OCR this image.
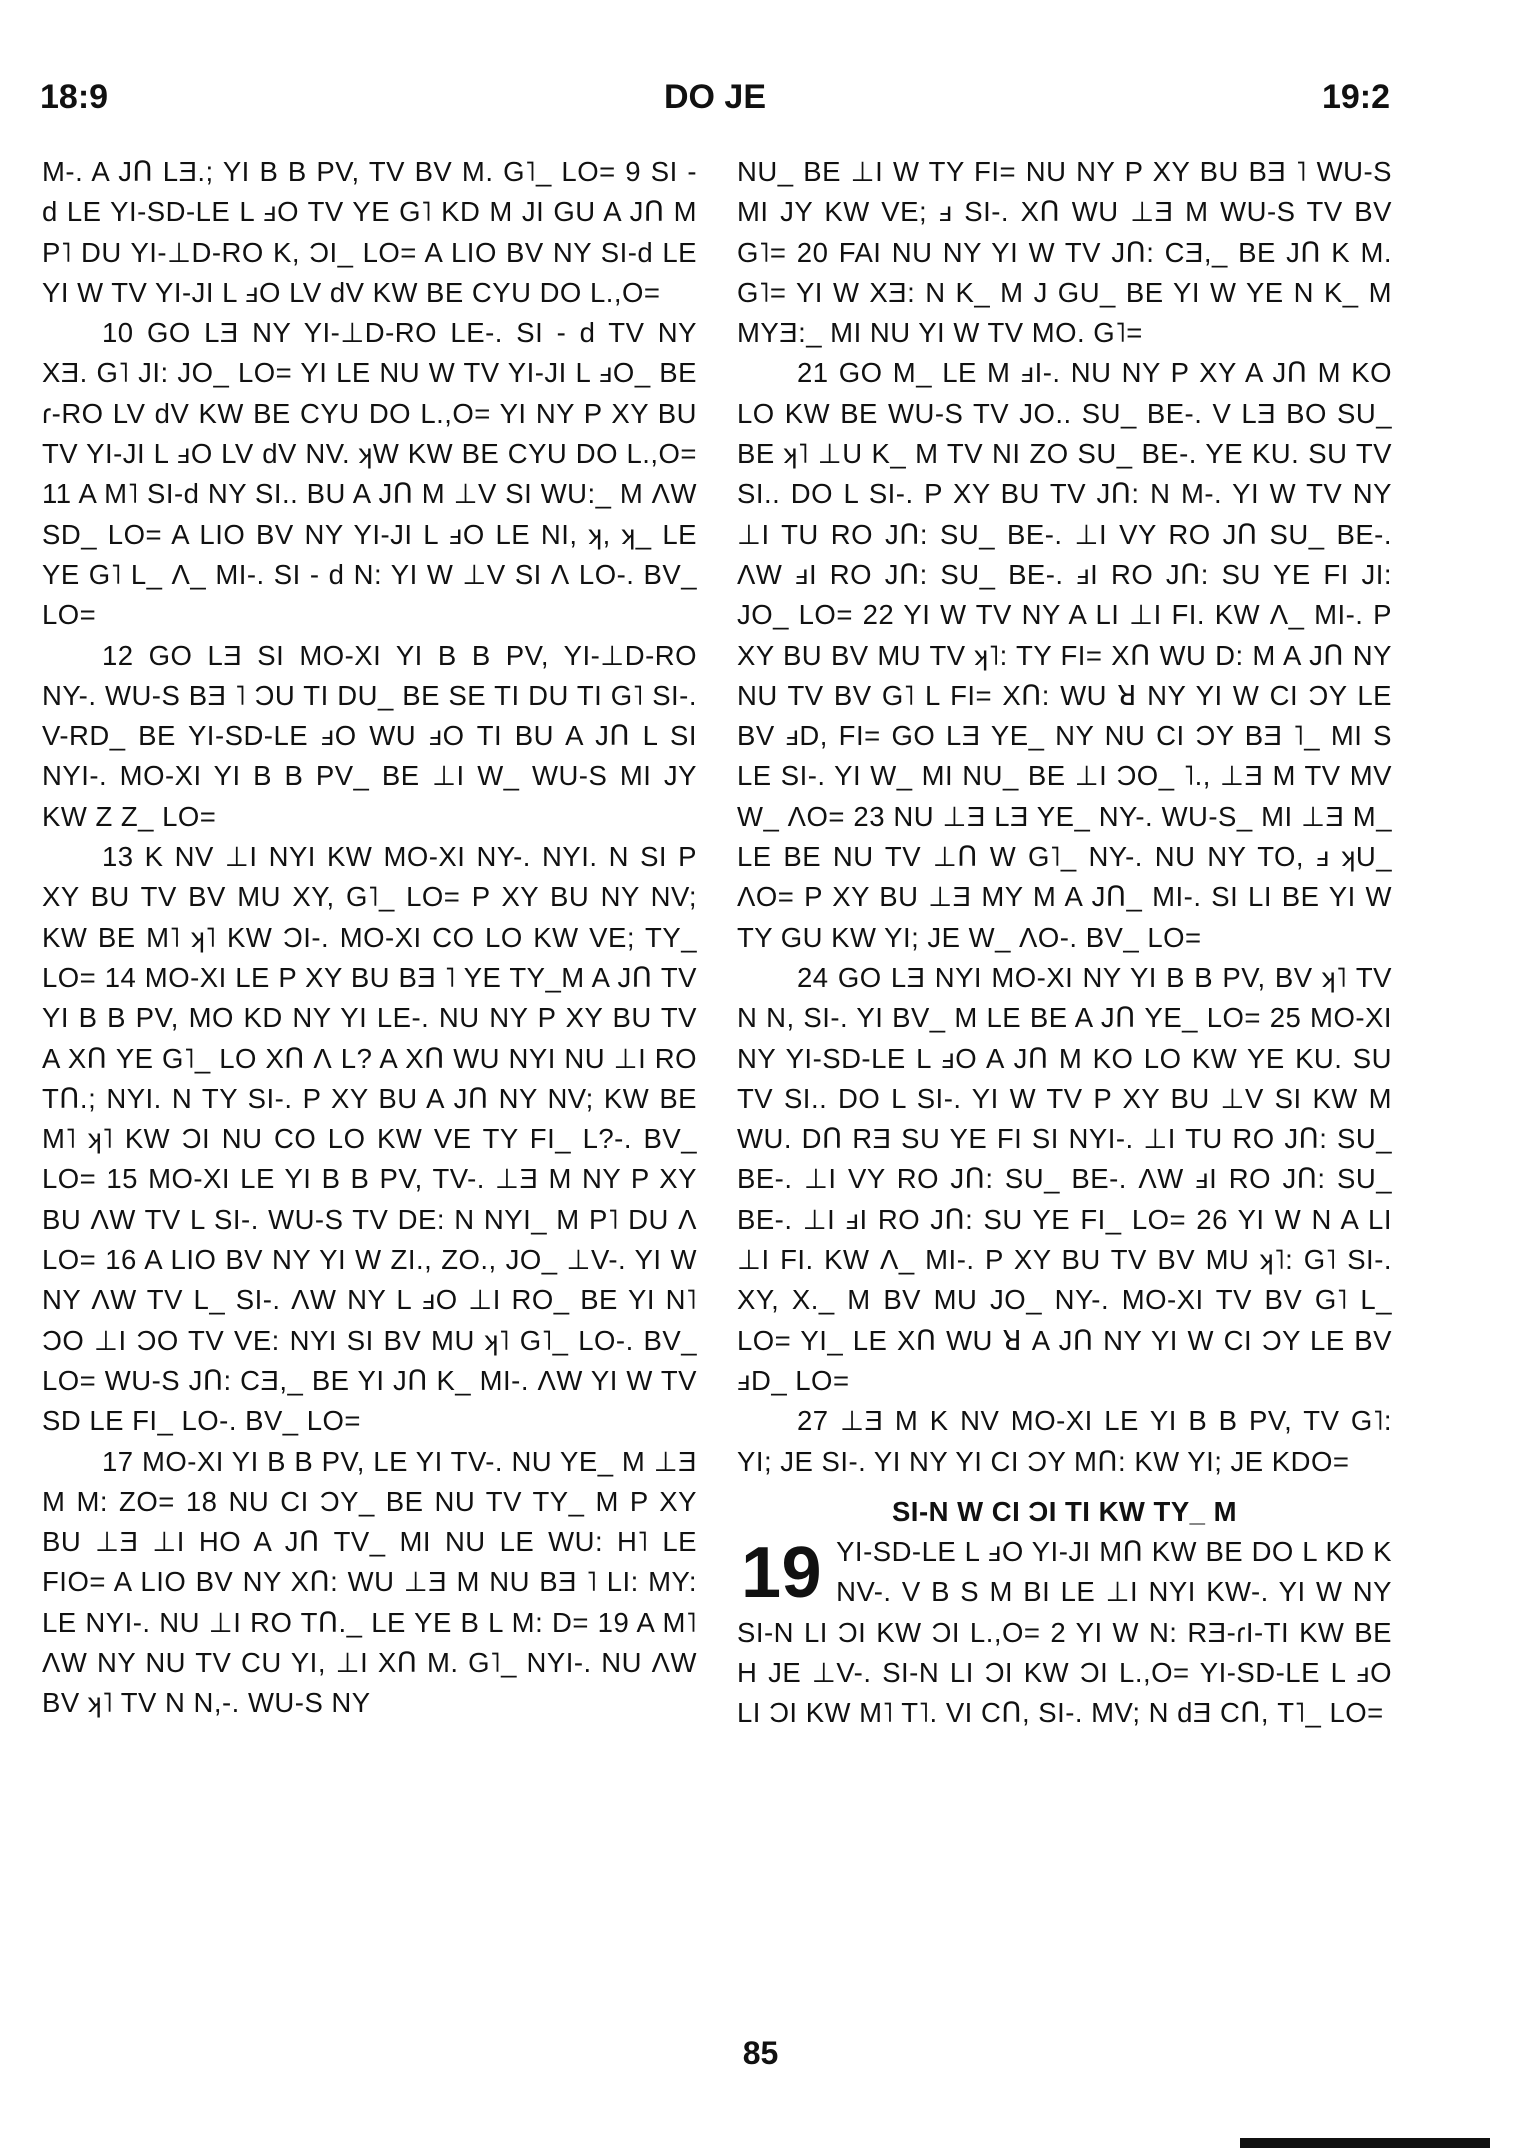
18:9	DO JE	19:2

M-. A JՈ LƎ.; YI B B PV, TV BV M. G˥_ LO= 9 SI - d LE YI-SD-LE L ⅎO TV YE G˥ KD M JI GU A JՈ M P˥ DU YI-⊥D-RO K, ƆI_ LO= A LIO BV NY SI-d LE YI W TV YI-JI L ⅎO LV dV KW BE CYU DO L.,O=

10 GO LƎ NY YI-⊥D-RO LE-. SI - d TV NY XƎ. G˥ JI: JO_ LO= YI LE NU W TV YI-JI L ⅎO_ BE ɾ-RO LV dV KW BE CYU DO L.,O= YI NY P XY BU TV YI-JI L ⅎO LV dV NV. ʞW KW BE CYU DO L.,O= 11 A M˥ SI-d NY SI.. BU A JՈ M ⊥V SI WU:_ M ɅW SD_ LO= A LIO BV NY YI-JI L ⅎO LE NI, ʞ, ʞ_ LE YE G˥ L_ Ʌ_ MI-. SI - d N: YI W ⊥V SI Ʌ LO-. BV_ LO=

12 GO LƎ SI MO-XI YI B B PV, YI-⊥D-RO NY-. WU-S BƎ ˥ ƆU TI DU_ BE SE TI DU TI G˥ SI-. V-RD_ BE YI-SD-LE ⅎO WU ⅎO TI BU A JՈ L SI NYI-. MO-XI YI B B PV_ BE ⊥I W_ WU-S MI JY KW Z Z_ LO=

13 K NV ⊥I NYI KW MO-XI NY-. NYI. N SI P XY BU TV BV MU XY, G˥_ LO= P XY BU NY NV; KW BE M˥ ʞ˥ KW ƆI-. MO-XI CO LO KW VE; TY_ LO= 14 MO-XI LE P XY BU BƎ ˥ YE TY_M A JՈ TV YI B B PV, MO KD NY YI LE-. NU NY P XY BU TV A XՈ YE G˥_ LO XՈ Ʌ L? A XՈ WU NYI NU ⊥I RO TՈ.; NYI. N TY SI-. P XY BU A JՈ NY NV; KW BE M˥ ʞ˥ KW ƆI NU CO LO KW VE TY FI_ L?-. BV_ LO= 15 MO-XI LE YI B B PV, TV-. ⊥Ǝ M NY P XY BU ɅW TV L SI-. WU-S TV DE: N NYI_ M P˥ DU Ʌ LO= 16 A LIO BV NY YI W ZI., ZO., JO_ ⊥V-. YI W NY ɅW TV L_ SI-. ɅW NY L ⅎO ⊥I RO_ BE YI N˥ ƆO ⊥I ƆO TV VE: NYI SI BV MU ʞ˥ G˥_ LO-. BV_ LO= WU-S JՈ: CƎ,_ BE YI JՈ K_ MI-. ɅW YI W TV SD LE FI_ LO-. BV_ LO=

17 MO-XI YI B B PV, LE YI TV-. NU YE_ M ⊥Ǝ M M: ZO= 18 NU CI ƆY_ BE NU TV TY_ M P XY BU ⊥Ǝ ⊥I HO A JՈ TV_ MI NU LE WU: H˥ LE FIO= A LIO BV NY XՈ: WU ⊥Ǝ M NU BƎ ˥ LI: MY: LE NYI-. NU ⊥I RO TՈ._ LE YE B L M: D= 19 A M˥ ɅW NY NU TV CU YI, ⊥I XՈ M. G˥_ NYI-. NU ɅW BV ʞ˥ TV N N,-. WU-S NY

NU_ BE ⊥I W TY FI= NU NY P XY BU BƎ ˥ WU-S MI JY KW VE; ⅎ SI-. XՈ WU ⊥Ǝ M WU-S TV BV G˥= 20 FAI NU NY YI W TV JՈ: CƎ,_ BE JՈ K M. G˥= YI W XƎ: N K_ M J GU_ BE YI W YE N K_ M MYƎ:_ MI NU YI W TV MO. G˥=

21 GO M_ LE M ⅎI-. NU NY P XY A JՈ M KO LO KW BE WU-S TV JO.. SU_ BE-. V LƎ BO SU_ BE ʞ˥ ⊥U K_ M TV NI ZO SU_ BE-. YE KU. SU TV SI.. DO L SI-. P XY BU TV JՈ: N M-. YI W TV NY ⊥I TU RO JՈ: SU_ BE-. ⊥I VY RO JՈ SU_ BE-. ɅW ⅎI RO JՈ: SU_ BE-. ⅎI RO JՈ: SU YE FI JI: JO_ LO= 22 YI W TV NY A LI ⊥I FI. KW Ʌ_ MI-. P XY BU BV MU TV ʞ˥: TY FI= XՈ WU D: M A JՈ NY NU TV BV G˥ L FI= XՈ: WU ꓤ NY YI W CI ƆY LE BV ⅎD, FI= GO LƎ YE_ NY NU CI ƆY BƎ ˥_ MI S LE SI-. YI W_ MI NU_ BE ⊥I ƆO_ ˥., ⊥Ǝ M TV MV W_ ɅO= 23 NU ⊥Ǝ LƎ YE_ NY-. WU-S_ MI ⊥Ǝ M_ LE BE NU TV ⊥Ո W G˥_ NY-. NU NY TO, ⅎ ʞU_ ɅO= P XY BU ⊥Ǝ MY M A JՈ_ MI-. SI LI BE YI W TY GU KW YI; JE W_ ɅO-. BV_ LO=

24 GO LƎ NYI MO-XI NY YI B B PV, BV ʞ˥ TV N N, SI-. YI BV_ M LE BE A JՈ YE_ LO= 25 MO-XI NY YI-SD-LE L ⅎO A JՈ M KO LO KW YE KU. SU TV SI.. DO L SI-. YI W TV P XY BU ⊥V SI KW M WU. DՈ RƎ SU YE FI SI NYI-. ⊥I TU RO JՈ: SU_ BE-. ⊥I VY RO JՈ: SU_ BE-. ɅW ⅎI RO JՈ: SU_ BE-. ⊥I ⅎI RO JՈ: SU YE FI_ LO= 26 YI W N A LI ⊥I FI. KW Ʌ_ MI-. P XY BU TV BV MU ʞ˥: G˥ SI-. XY, X._ M BV MU JO_ NY-. MO-XI TV BV G˥ L_ LO= YI_ LE XՈ WU ꓤ A JՈ NY YI W CI ƆY LE BV ⅎD_ LO=

27 ⊥Ǝ M K NV MO-XI LE YI B B PV, TV G˥: YI; JE SI-. YI NY YI CI ƆY MՈ: KW YI; JE KDO=

SI-N W CI ƆI TI KW TY_ M

19 YI-SD-LE L ⅎO YI-JI MՈ KW BE DO L KD K NV-. V B S M BI LE ⊥I NYI KW-. YI W NY SI-N LI ƆI KW ƆI L.,O= 2 YI W N: RƎ-ɾI-TI KW BE H JE ⊥V-. SI-N LI ƆI KW ƆI L.,O= YI-SD-LE L ⅎO LI ƆI KW M˥ T˥. VI CՈ, SI-. MV; N dƎ CՈ, T˥_ LO=
85
